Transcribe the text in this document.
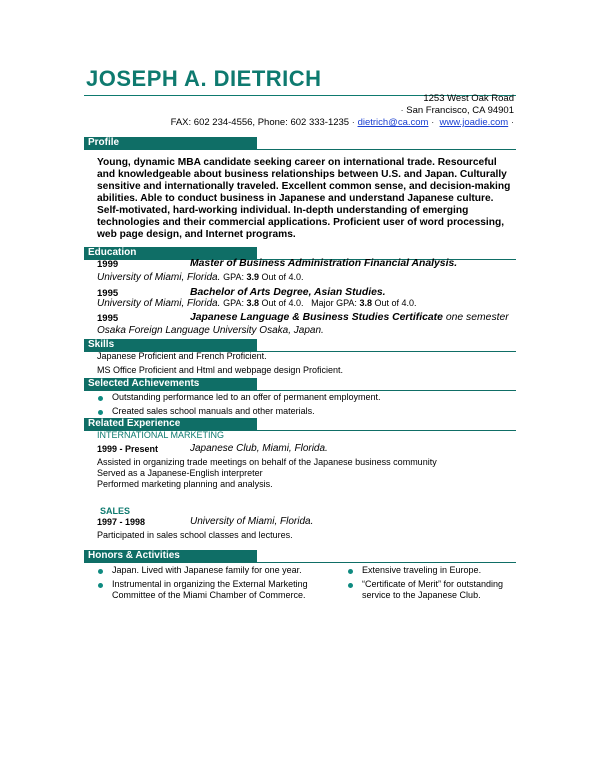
JOSEPH A. DIETRICH
1253 West Oak Road
· San Francisco, CA 94901
FAX: 602 234-4556, Phone: 602 333-1235 · dietrich@ca.com · www.joadie.com ·
Profile
Young, dynamic MBA candidate seeking career on international trade. Resourceful and knowledgeable about business relationships between U.S. and Japan. Culturally sensitive and internationally traveled. Excellent common sense, and decision-making abilities. Able to conduct business in Japanese and understand Japanese culture. Self-motivated, hard-working individual. In-depth understanding of emerging technologies and their commercial applications. Proficient user of word processing, web page design, and Internet programs.
Education
1999	Master of Business Administration Financial Analysis.
University of Miami, Florida. GPA: 3.9 Out of 4.0.
1995	Bachelor of Arts Degree, Asian Studies.
University of Miami, Florida. GPA: 3.8 Out of 4.0. Major GPA: 3.8 Out of 4.0.
1995	Japanese Language & Business Studies Certificate one semester
Osaka Foreign Language University Osaka, Japan.
Skills
Japanese Proficient and French Proficient.
MS Office Proficient and Html and webpage design Proficient.
Selected Achievements
Outstanding performance led to an offer of permanent employment.
Created sales school manuals and other materials.
Related Experience
INTERNATIONAL MARKETING
1999 - Present	Japanese Club, Miami, Florida.
Assisted in organizing trade meetings on behalf of the Japanese business community
Served as a Japanese-English interpreter
Performed marketing planning and analysis.
SALES
1997 - 1998	University of Miami, Florida.
Participated in sales school classes and lectures.
Honors & Activities
Japan. Lived with Japanese family for one year.
Instrumental in organizing the External Marketing Committee of the Miami Chamber of Commerce.
Extensive traveling in Europe.
“Certificate of Merit” for outstanding service to the Japanese Club.
